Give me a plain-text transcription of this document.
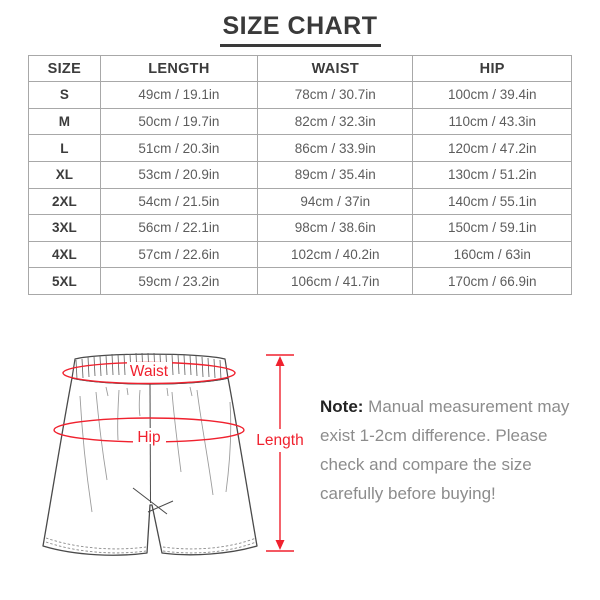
SIZE CHART
SIZE	LENGTH	WAIST	HIP
S	49cm / 19.1in	78cm / 30.7in	100cm / 39.4in
M	50cm / 19.7in	82cm / 32.3in	110cm / 43.3in
L	51cm / 20.3in	86cm / 33.9in	120cm / 47.2in
XL	53cm / 20.9in	89cm / 35.4in	130cm / 51.2in
2XL	54cm / 21.5in	94cm / 37in	140cm / 55.1in
3XL	56cm / 22.1in	98cm / 38.6in	150cm / 59.1in
4XL	57cm / 22.6in	102cm / 40.2in	160cm / 63in
5XL	59cm / 23.2in	106cm / 41.7in	170cm / 66.9in
Waist
Hip	Length
Note: Manual measurement may exist 1-2cm difference. Please check and compare the size carefully before buying!
